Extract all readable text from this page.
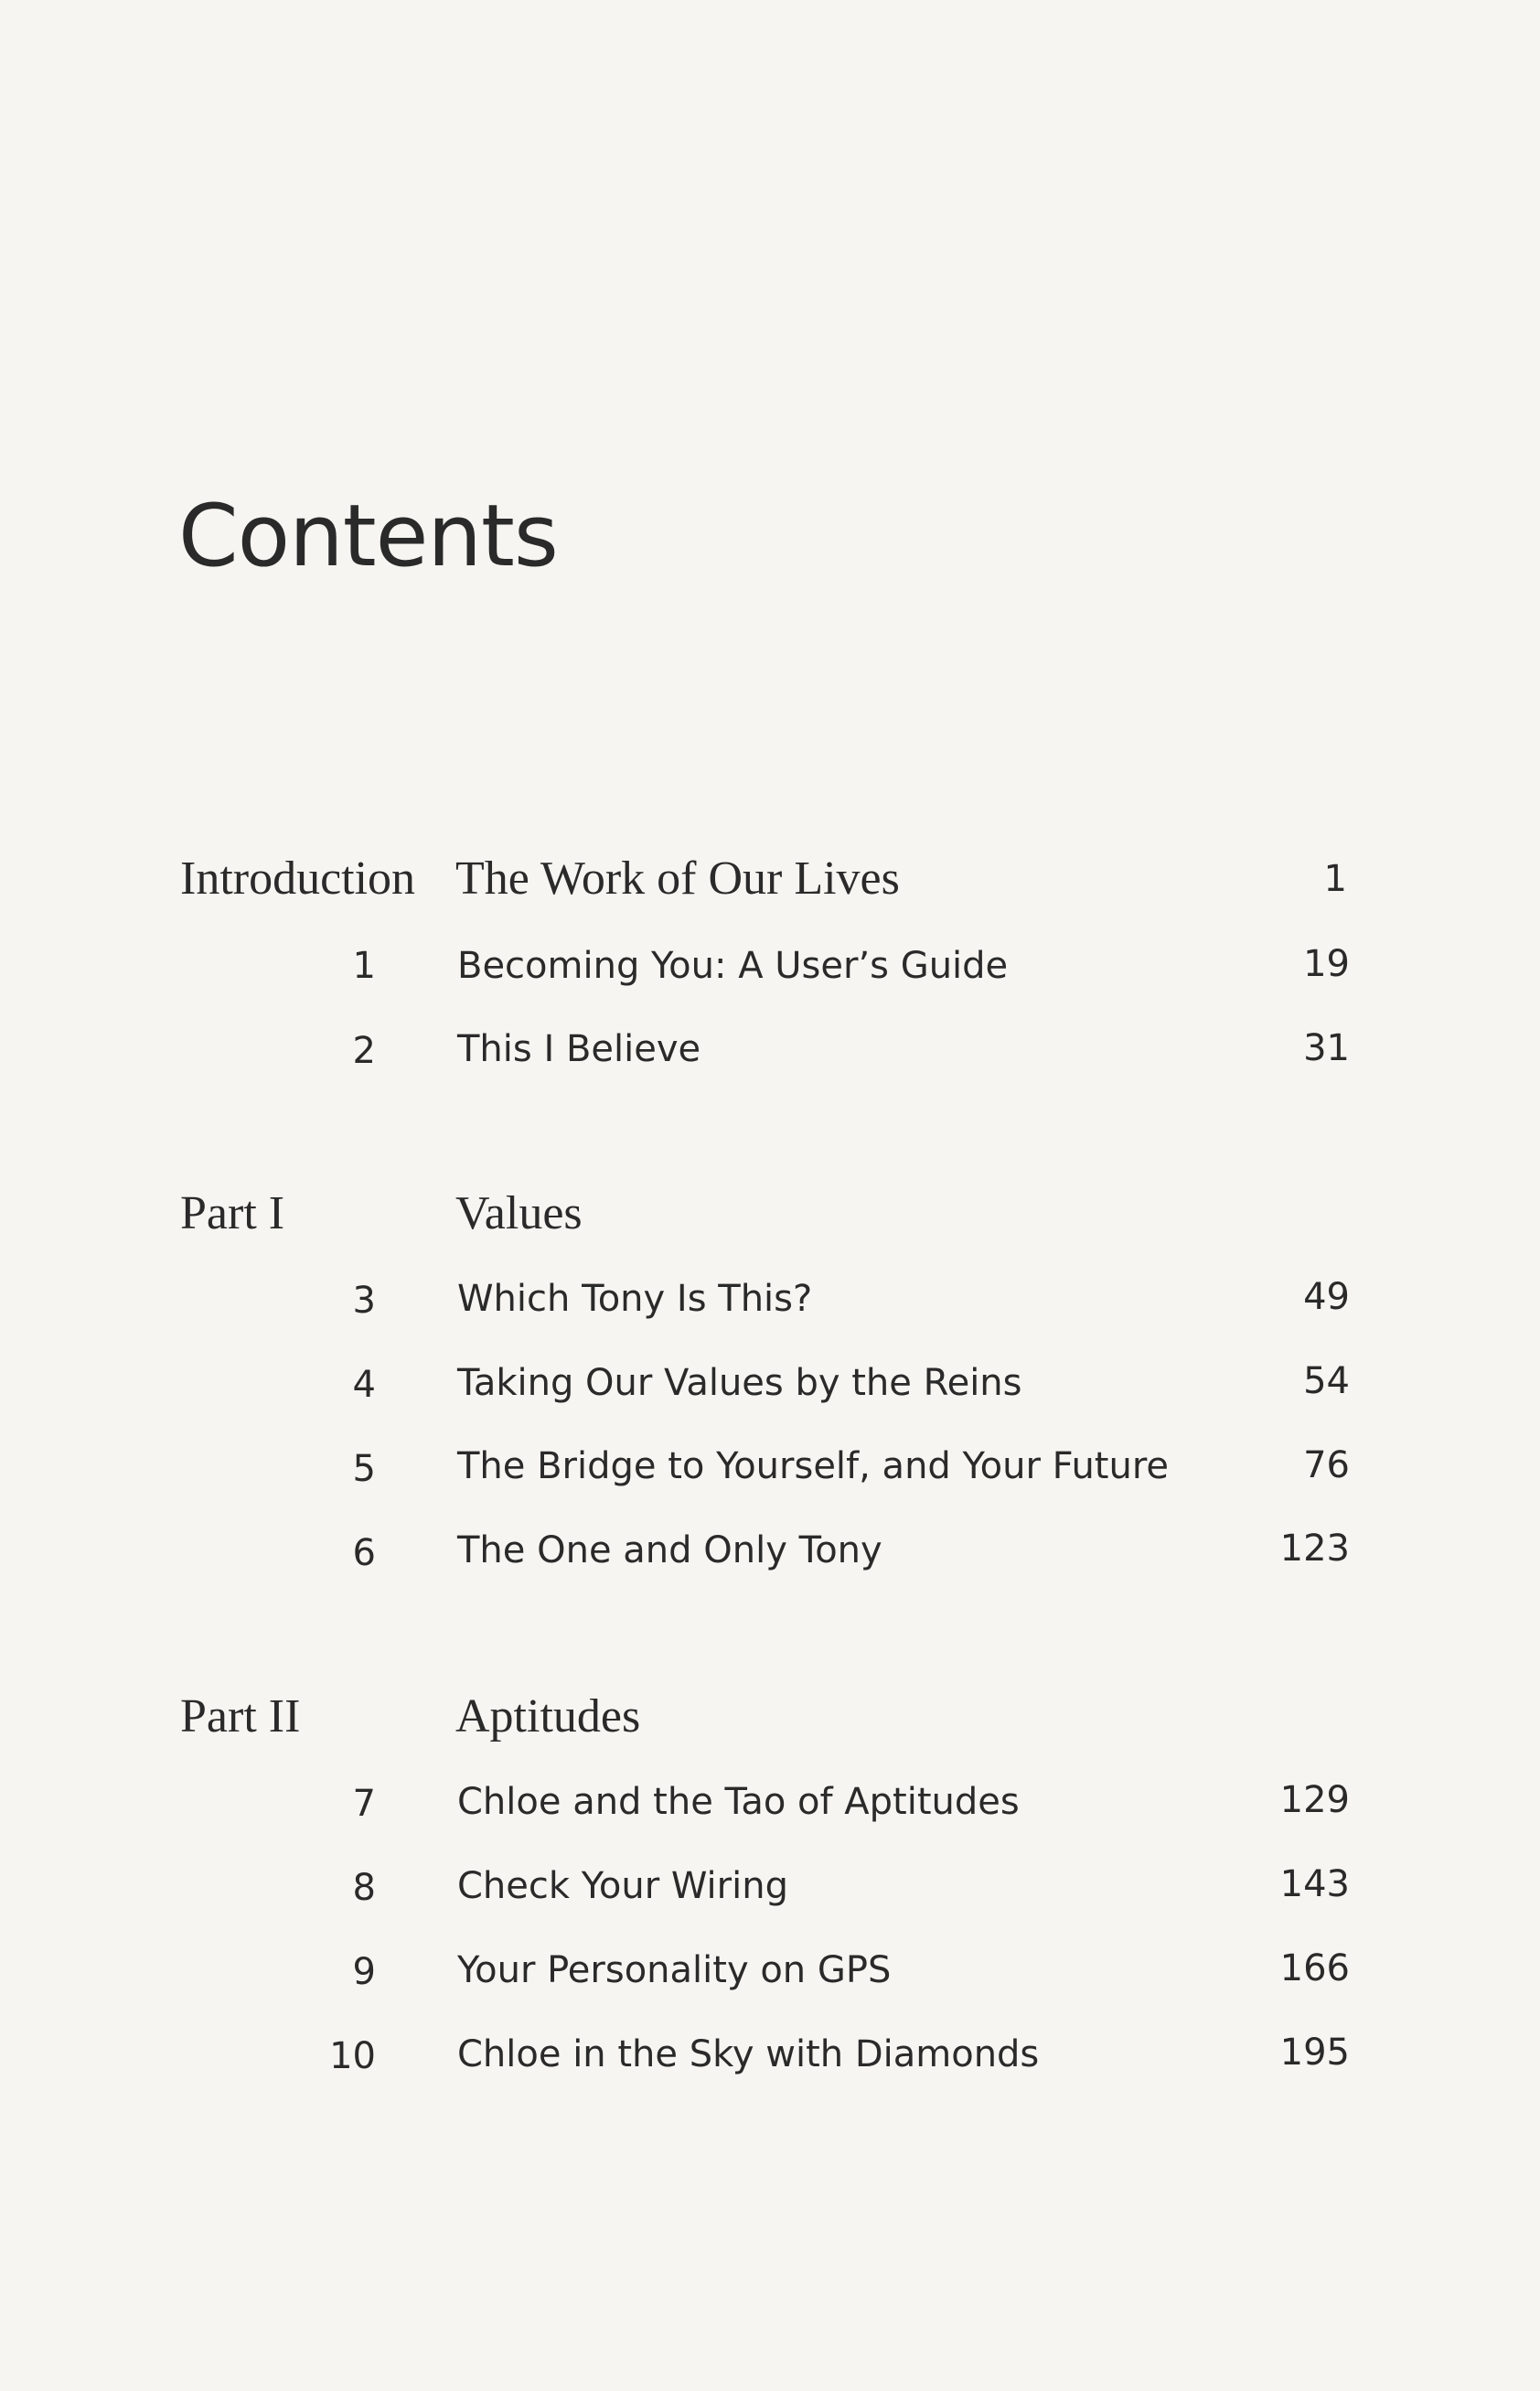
Contents
Introduction The Work of Our Lives	1
1 Becoming You: A User’s Guide	19
2 This I Believe	31
Part I	Values
3 Which Tony Is This?	49
4 Taking Our Values by the Reins	54
5 The Bridge to Yourself, and Your Future	76
6 The One and Only Tony	123
Part II	Aptitudes
7 Chloe and the Tao of Aptitudes	129
8 Check Your Wiring	143
9 Your Personality on GPS	166
10 Chloe in the Sky with Diamonds	195
